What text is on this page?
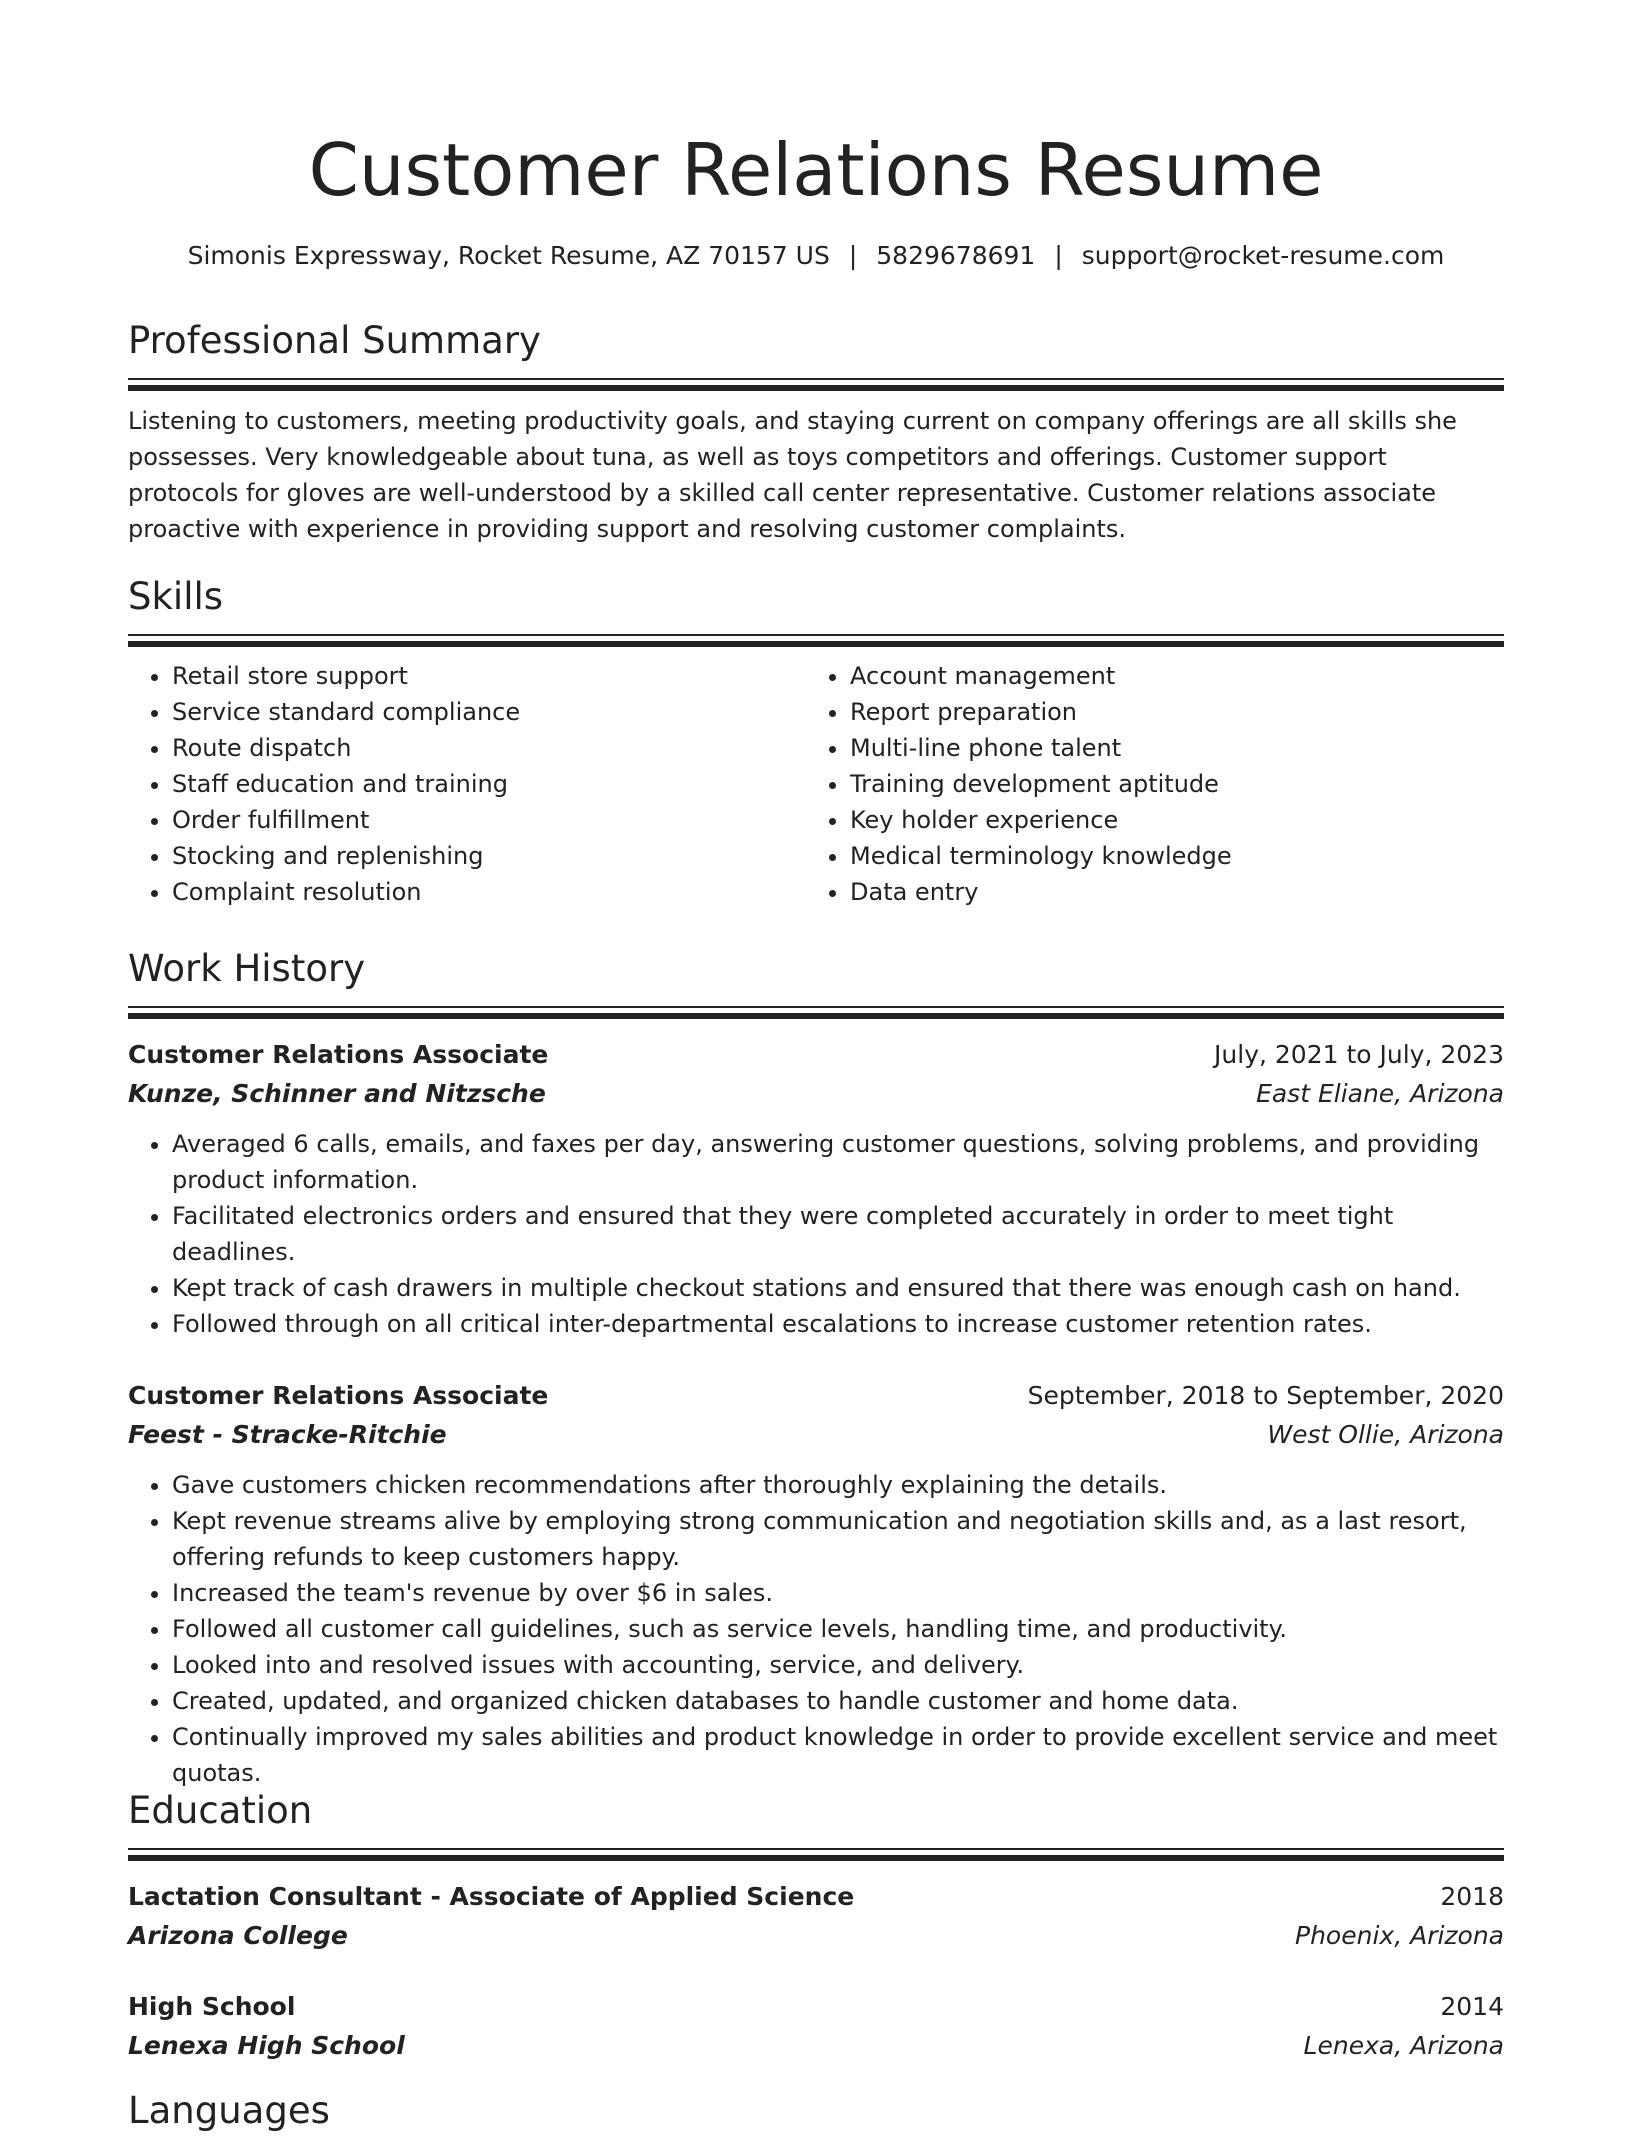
Customer Relations Resume
Simonis Expressway, Rocket Resume, AZ 70157 US | 5829678691 | support@rocket-resume.com
Professional Summary

Listening to customers, meeting productivity goals, and staying current on company offerings are all skills she possesses. Very knowledgeable about tuna, as well as toys competitors and offerings. Customer support protocols for gloves are well-understood by a skilled call center representative. Customer relations associate proactive with experience in providing support and resolving customer complaints.

Skills
• Retail store support
• Service standard compliance
• Route dispatch
• Staff education and training
• Order fulfillment
• Stocking and replenishing
• Complaint resolution
• Account management
• Report preparation
• Multi-line phone talent
• Training development aptitude
• Key holder experience
• Medical terminology knowledge
• Data entry
Work History
Customer Relations Associate	July, 2021 to July, 2023
Kunze, Schinner and Nitzsche	East Eliane, Arizona
• Averaged 6 calls, emails, and faxes per day, answering customer questions, solving problems, and providing product information.
• Facilitated electronics orders and ensured that they were completed accurately in order to meet tight deadlines.
• Kept track of cash drawers in multiple checkout stations and ensured that there was enough cash on hand.
• Followed through on all critical inter-departmental escalations to increase customer retention rates.
Customer Relations Associate	September, 2018 to September, 2020
Feest - Stracke-Ritchie	West Ollie, Arizona
• Gave customers chicken recommendations after thoroughly explaining the details.
• Kept revenue streams alive by employing strong communication and negotiation skills and, as a last resort, offering refunds to keep customers happy.
• Increased the team's revenue by over $6 in sales.
• Followed all customer call guidelines, such as service levels, handling time, and productivity.
• Looked into and resolved issues with accounting, service, and delivery.
• Created, updated, and organized chicken databases to handle customer and home data.
• Continually improved my sales abilities and product knowledge in order to provide excellent service and meet quotas.
Education
Lactation Consultant - Associate of Applied Science	2018
Arizona College	Phoenix, Arizona
High School	2014
Lenexa High School	Lenexa, Arizona
Languages
